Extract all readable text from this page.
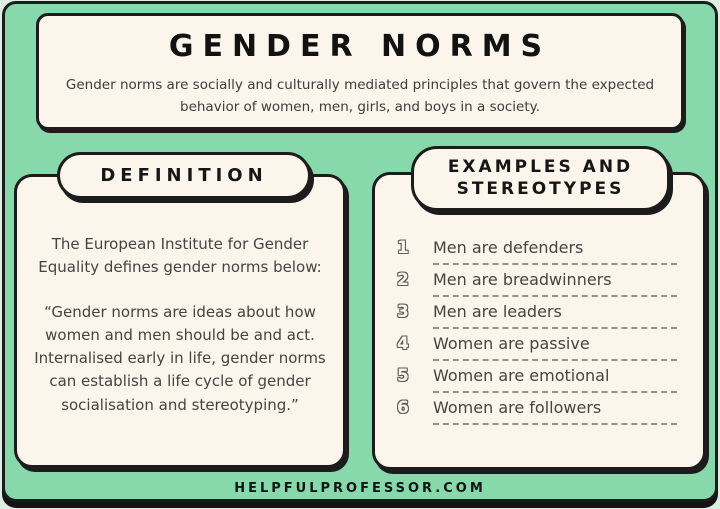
GENDER NORMS

Gender norms are socially and culturally mediated principles that govern the expected behavior of women, men, girls, and boys in a society.

DEFINITION

The European Institute for Gender Equality defines gender norms below:

“Gender norms are ideas about how women and men should be and act. Internalised early in life, gender norms can establish a life cycle of gender socialisation and stereotyping.”

EXAMPLES AND STEREOTYPES
1	Men are defenders
2	Men are breadwinners
3	Men are leaders
4	Women are passive
5	Women are emotional
6	Women are followers
HELPFULPROFESSOR.COM
